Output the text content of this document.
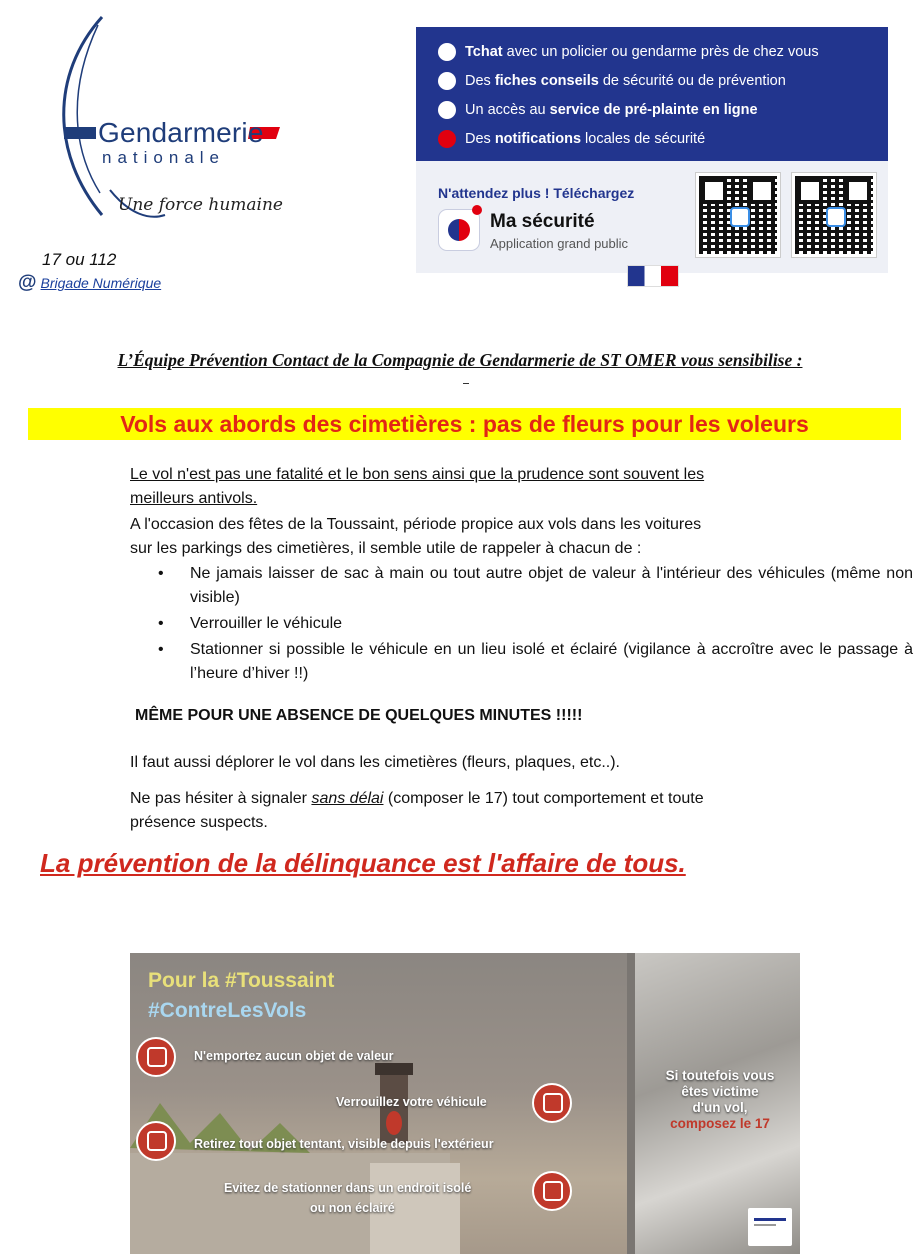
Gendarmerie
nationale
Une force humaine
17 ou 112
@ Brigade Numérique
Tchat avec un policier ou gendarme près de chez vous
Des fiches conseils de sécurité ou de prévention
Un accès au service de pré-plainte en ligne
Des notifications locales de sécurité
N'attendez plus ! Téléchargez
Ma sécurité
Application grand public
L’Équipe Prévention Contact de la Compagnie de Gendarmerie de ST OMER vous sensibilise :
Vols aux abords des cimetières : pas de fleurs pour les voleurs
Le vol n'est pas une fatalité et le bon sens ainsi que la prudence sont souvent les
meilleurs antivols.
A l'occasion des fêtes de la Toussaint, période propice aux vols dans les voitures
sur les parkings des cimetières, il semble utile de rappeler à chacun de :
• Ne jamais laisser de sac à main ou tout autre objet de valeur à l'intérieur des véhicules (même non visible)
• Verrouiller le véhicule
• Stationner si possible le véhicule en un lieu isolé et éclairé (vigilance à accroître avec le passage à l’heure d’hiver !!)
MÊME POUR UNE ABSENCE DE QUELQUES MINUTES !!!!!
Il faut aussi déplorer le vol dans les cimetières (fleurs, plaques, etc..).
Ne pas hésiter à signaler sans délai (composer le 17) tout comportement et toute
présence suspects.
La prévention de la délinquance est l'affaire de tous.
Pour la #Toussaint
#ContreLesVols
N'emportez aucun objet de valeur
Verrouillez votre véhicule
Retirez tout objet tentant, visible depuis l'extérieur
Evitez de stationner dans un endroit isolé
ou non éclairé
Si toutefois vous
êtes victime
d'un vol,
composez le 17
